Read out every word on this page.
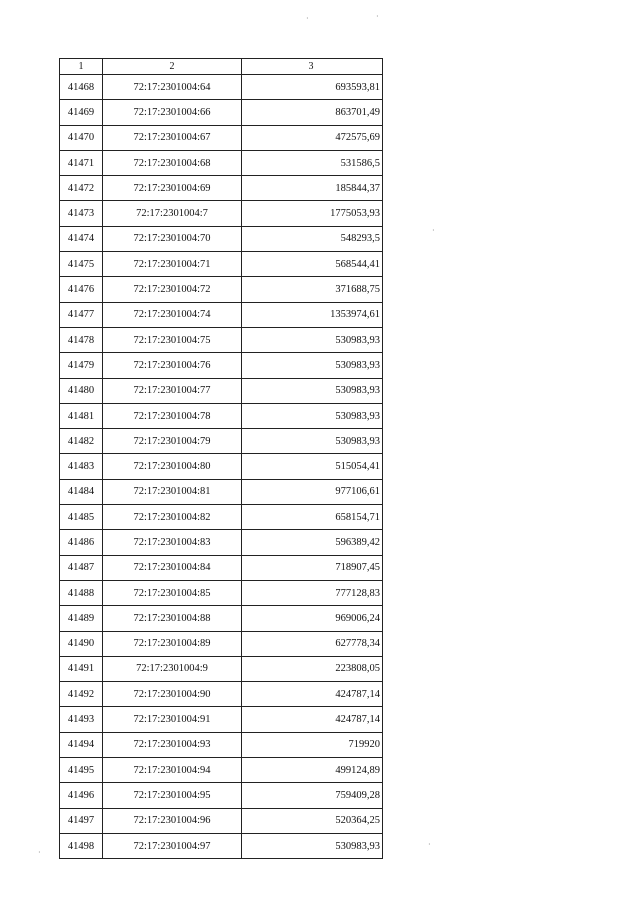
·	·
·
·
·
1	2	3
41468	72:17:2301004:64	693593,81
41469	72:17:2301004:66	863701,49
41470	72:17:2301004:67	472575,69
41471	72:17:2301004:68	531586,5
41472	72:17:2301004:69	185844,37
41473	72:17:2301004:7	1775053,93
41474	72:17:2301004:70	548293,5
41475	72:17:2301004:71	568544,41
41476	72:17:2301004:72	371688,75
41477	72:17:2301004:74	1353974,61
41478	72:17:2301004:75	530983,93
41479	72:17:2301004:76	530983,93
41480	72:17:2301004:77	530983,93
41481	72:17:2301004:78	530983,93
41482	72:17:2301004:79	530983,93
41483	72:17:2301004:80	515054,41
41484	72:17:2301004:81	977106,61
41485	72:17:2301004:82	658154,71
41486	72:17:2301004:83	596389,42
41487	72:17:2301004:84	718907,45
41488	72:17:2301004:85	777128,83
41489	72:17:2301004:88	969006,24
41490	72:17:2301004:89	627778,34
41491	72:17:2301004:9	223808,05
41492	72:17:2301004:90	424787,14
41493	72:17:2301004:91	424787,14
41494	72:17:2301004:93	719920
41495	72:17:2301004:94	499124,89
41496	72:17:2301004:95	759409,28
41497	72:17:2301004:96	520364,25
41498	72:17:2301004:97	530983,93
